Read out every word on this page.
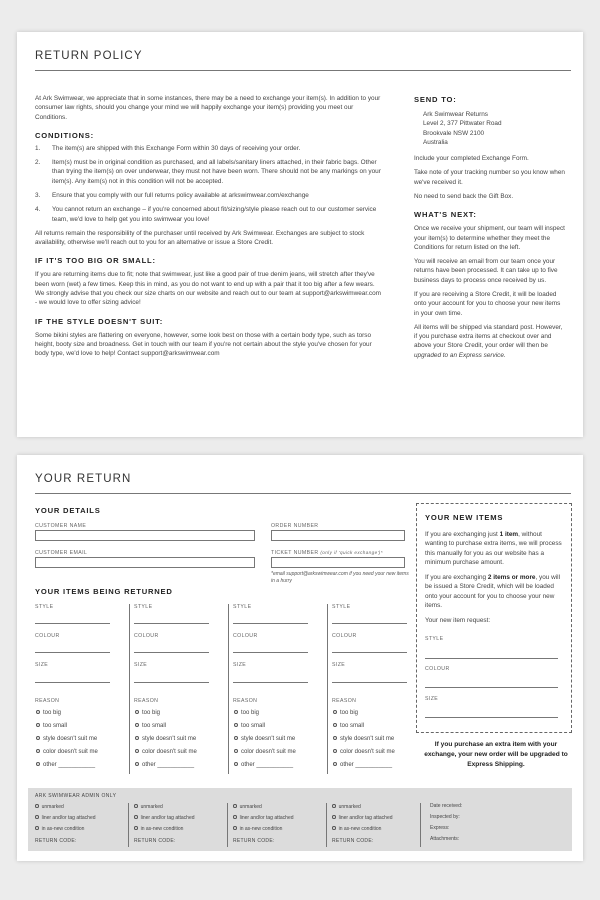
RETURN POLICY

At Ark Swimwear, we appreciate that in some instances, there may be a need to exchange your item(s). In addition to your consumer law rights, should you change your mind we will happily exchange your item(s) providing you meet our Conditions.

CONDITIONS:
1. The item(s) are shipped with this Exchange Form within 30 days of receiving your order.
2. Item(s) must be in original condition as purchased, and all labels/sanitary liners attached, in their fabric bags. Other than trying the item(s) on over underwear, they must not have been worn. There should not be any markings on your item(s). Any item(s) not in this condition will not be accepted.
3. Ensure that you comply with our full returns policy available at arkswimwear.com/exchange
4. You cannot return an exchange – if you're concerned about fit/sizing/style please reach out to our customer service team, we'd love to help get you into swimwear you love!

All returns remain the responsibility of the purchaser until received by Ark Swimwear. Exchanges are subject to stock availability, otherwise we'll reach out to you for an alternative or issue a Store Credit.

IF IT'S TOO BIG OR SMALL:

If you are returning items due to fit; note that swimwear, just like a good pair of true denim jeans, will stretch after they've been worn (wet) a few times. Keep this in mind, as you do not want to end up with a pair that it too big after a few wears. We strongly advise that you check our size charts on our website and reach out to our team at support@arkswimwear.com - we would love to offer sizing advice!

IF THE STYLE DOESN'T SUIT:

Some bikini styles are flattering on everyone, however, some look best on those with a certain body type, such as torso height, booty size and broadness. Get in touch with our team if you're not certain about the style you've chosen for your body type, we'd love to help! Contact support@arkswimwear.com

SEND TO:
Ark Swimwear Returns
Level 2, 377 Pittwater Road
Brookvale NSW 2100
Australia

Include your completed Exchange Form.

Take note of your tracking number so you know when we've received it.

No need to send back the Gift Box.

WHAT'S NEXT:

Once we receive your shipment, our team will inspect your item(s) to determine whether they meet the Conditions for return listed on the left.

You will receive an email from our team once your returns have been processed. It can take up to five business days to process once received by us.

If you are receiving a Store Credit, it will be loaded onto your account for you to choose your new items in your own time.

All items will be shipped via standard post. However, if you purchase extra items at checkout over and above your Store Credit, your order will then be upgraded to an Express service.

YOUR RETURN
YOUR DETAILS
CUSTOMER NAME	ORDER NUMBER
CUSTOMER EMAIL	TICKET NUMBER (only if 'quick exchange')*
*email support@arkswimwear.com if you need your new items in a hurry
YOUR ITEMS BEING RETURNED
STYLE
COLOUR
SIZE
REASON
too big
too small
style doesn't suit me
color doesn't suit me
other ___________
STYLE
COLOUR
SIZE
REASON
too big
too small
style doesn't suit me
color doesn't suit me
other ___________
STYLE
COLOUR
SIZE
REASON
too big
too small
style doesn't suit me
color doesn't suit me
other ___________
STYLE
COLOUR
SIZE
REASON
too big
too small
style doesn't suit me
color doesn't suit me
other ___________
YOUR NEW ITEMS
If you are exchanging just 1 item, without wanting to purchase extra items, we will process this manually for you as our website has a minimum purchase amount.
If you are exchanging 2 items or more, you will be issued a Store Credit, which will be loaded onto your account for you to choose your new items.
Your new item request:
STYLE
COLOUR
SIZE
If you purchase an extra item with your exchange, your new order will be upgraded to Express Shipping.
ARK SWIMWEAR ADMIN ONLY
unmarked
liner and/or tag attached
in as-new condition
RETURN CODE:
unmarked
liner and/or tag attached
in as-new condition
RETURN CODE:
unmarked
liner and/or tag attached
in as-new condition
RETURN CODE:
unmarked
liner and/or tag attached
in as-new condition
RETURN CODE:
Date received:
Inspected by:
Express:
Attachments:
